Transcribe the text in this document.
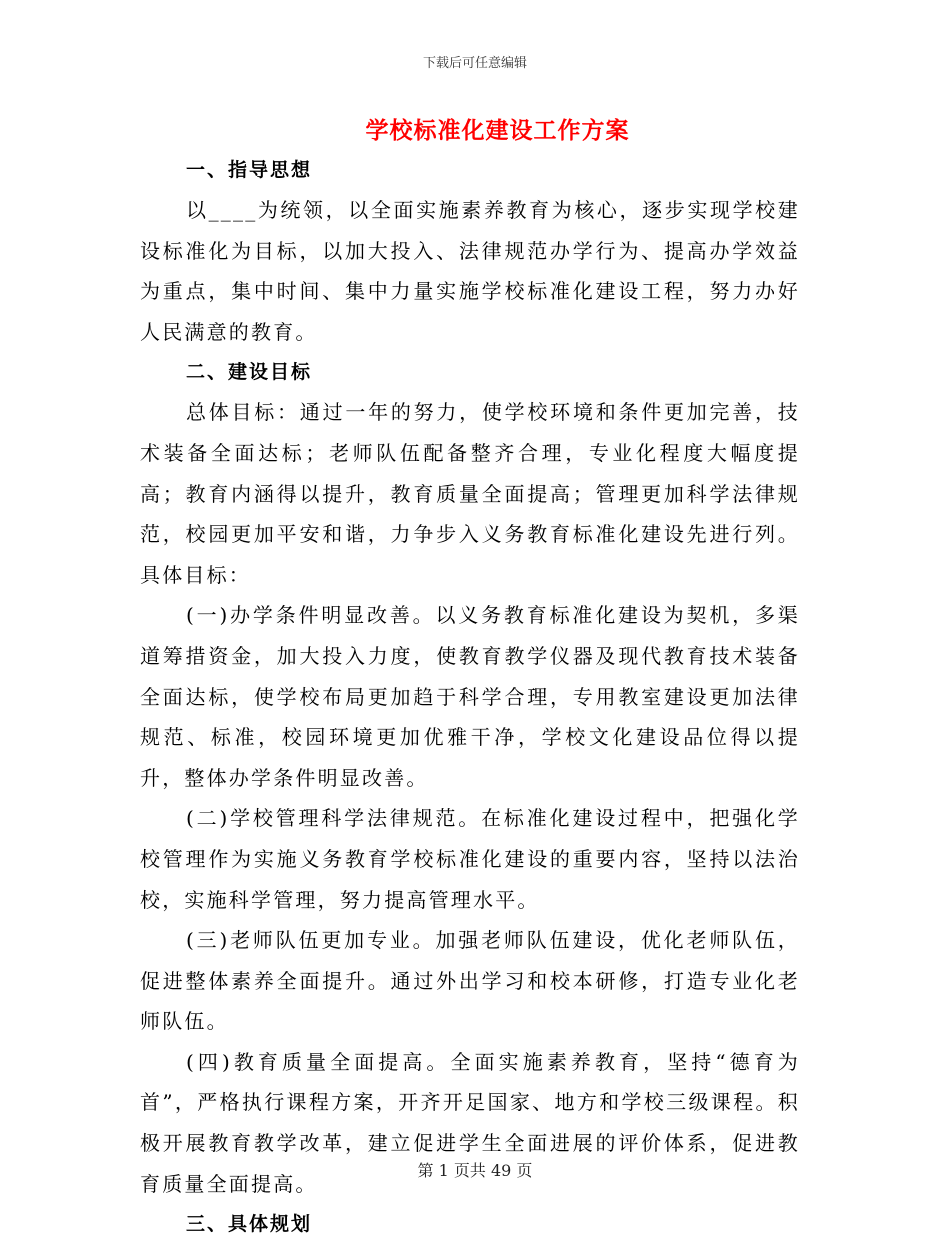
下载后可任意编辑
学校标准化建设工作方案

一、指导思想

以____为统领，以全面实施素养教育为核心，逐步实现学校建设标准化为目标，以加大投入、法律规范办学行为、提高办学效益为重点，集中时间、集中力量实施学校标准化建设工程，努力办好人民满意的教育。

二、建设目标

总体目标：通过一年的努力，使学校环境和条件更加完善，技术装备全面达标；老师队伍配备整齐合理，专业化程度大幅度提高；教育内涵得以提升，教育质量全面提高；管理更加科学法律规范，校园更加平安和谐，力争步入义务教育标准化建设先进行列。具体目标：

(一)办学条件明显改善。以义务教育标准化建设为契机，多渠道筹措资金，加大投入力度，使教育教学仪器及现代教育技术装备全面达标，使学校布局更加趋于科学合理，专用教室建设更加法律规范、标准，校园环境更加优雅干净，学校文化建设品位得以提升，整体办学条件明显改善。

(二)学校管理科学法律规范。在标准化建设过程中，把强化学校管理作为实施义务教育学校标准化建设的重要内容，坚持以法治校，实施科学管理，努力提高管理水平。

(三)老师队伍更加专业。加强老师队伍建设，优化老师队伍，促进整体素养全面提升。通过外出学习和校本研修，打造专业化老师队伍。

(四)教育质量全面提高。全面实施素养教育，坚持“德育为首”，严格执行课程方案，开齐开足国家、地方和学校三级课程。积极开展教育教学改革，建立促进学生全面进展的评价体系，促进教育质量全面提高。

三、具体规划

第 1 页共 49 页
